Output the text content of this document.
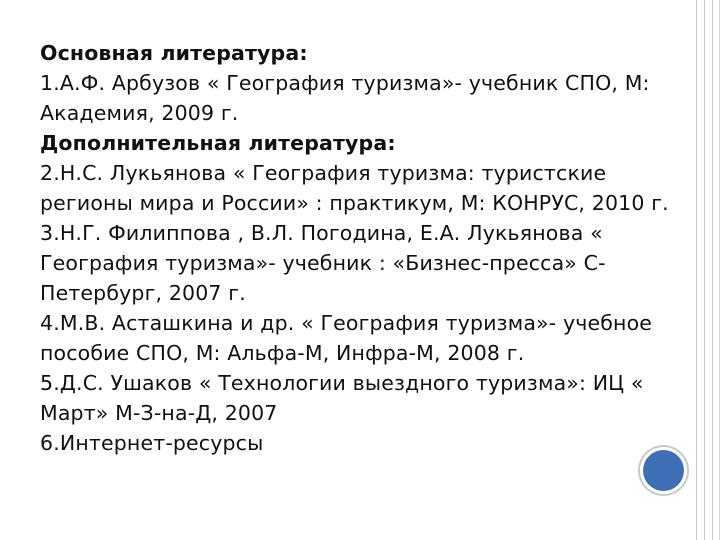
Основная литература:
1.А.Ф. Арбузов « География туризма»- учебник СПО, М: Академия, 2009 г.
Дополнительная литература:
2.Н.С. Лукьянова « География туризма: туристские регионы мира и России» : практикум, М: КОНРУС, 2010 г.
3.Н.Г. Филиппова , В.Л. Погодина, Е.А. Лукьянова « География туризма»- учебник : «Бизнес-пресса» С-Петербург, 2007 г.
4.М.В. Асташкина и др. « География туризма»- учебное пособие СПО, М: Альфа-М, Инфра-М, 2008 г.
5.Д.С. Ушаков « Технологии выездного туризма»: ИЦ « Март» М-З-на-Д, 2007
6.Интернет-ресурсы
